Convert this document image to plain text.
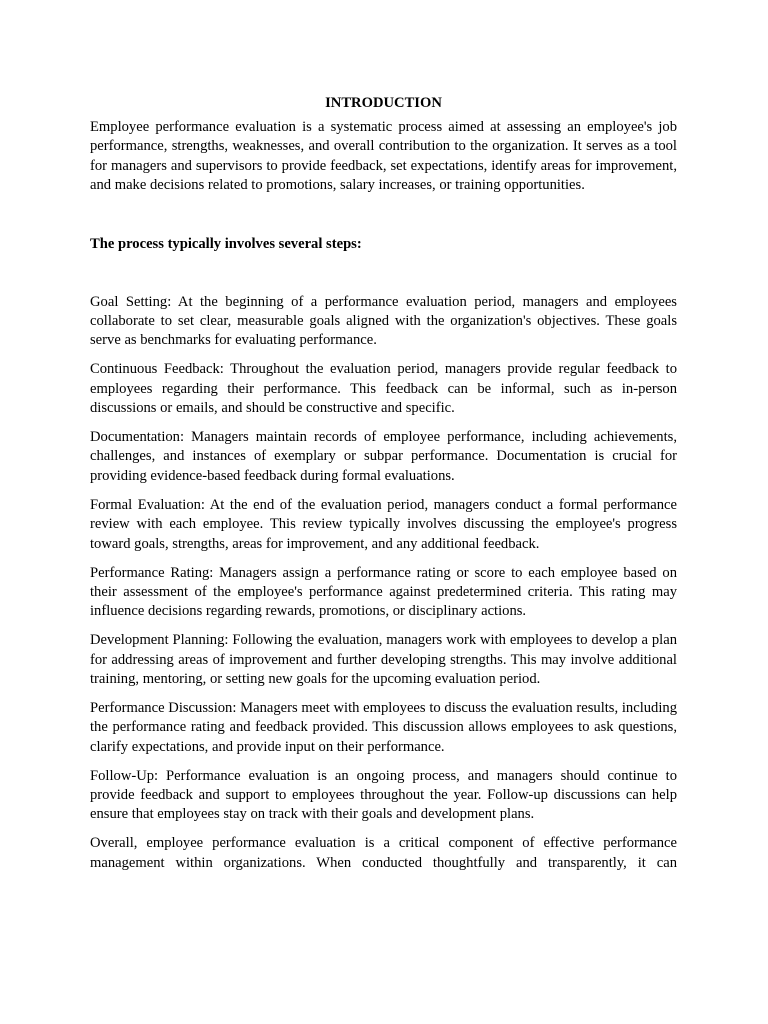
INTRODUCTION

Employee performance evaluation is a systematic process aimed at assessing an employee's job performance, strengths, weaknesses, and overall contribution to the organization. It serves as a tool for managers and supervisors to provide feedback, set expectations, identify areas for improvement, and make decisions related to promotions, salary increases, or training opportunities.

The process typically involves several steps:

Goal Setting: At the beginning of a performance evaluation period, managers and employees collaborate to set clear, measurable goals aligned with the organization's objectives. These goals serve as benchmarks for evaluating performance.

Continuous Feedback: Throughout the evaluation period, managers provide regular feedback to employees regarding their performance. This feedback can be informal, such as in-person discussions or emails, and should be constructive and specific.

Documentation: Managers maintain records of employee performance, including achievements, challenges, and instances of exemplary or subpar performance. Documentation is crucial for providing evidence-based feedback during formal evaluations.

Formal Evaluation: At the end of the evaluation period, managers conduct a formal performance review with each employee. This review typically involves discussing the employee's progress toward goals, strengths, areas for improvement, and any additional feedback.

Performance Rating: Managers assign a performance rating or score to each employee based on their assessment of the employee's performance against predetermined criteria. This rating may influence decisions regarding rewards, promotions, or disciplinary actions.

Development Planning: Following the evaluation, managers work with employees to develop a plan for addressing areas of improvement and further developing strengths. This may involve additional training, mentoring, or setting new goals for the upcoming evaluation period.

Performance Discussion: Managers meet with employees to discuss the evaluation results, including the performance rating and feedback provided. This discussion allows employees to ask questions, clarify expectations, and provide input on their performance.

Follow-Up: Performance evaluation is an ongoing process, and managers should continue to provide feedback and support to employees throughout the year. Follow-up discussions can help ensure that employees stay on track with their goals and development plans.

Overall, employee performance evaluation is a critical component of effective performance management within organizations. When conducted thoughtfully and transparently, it can
